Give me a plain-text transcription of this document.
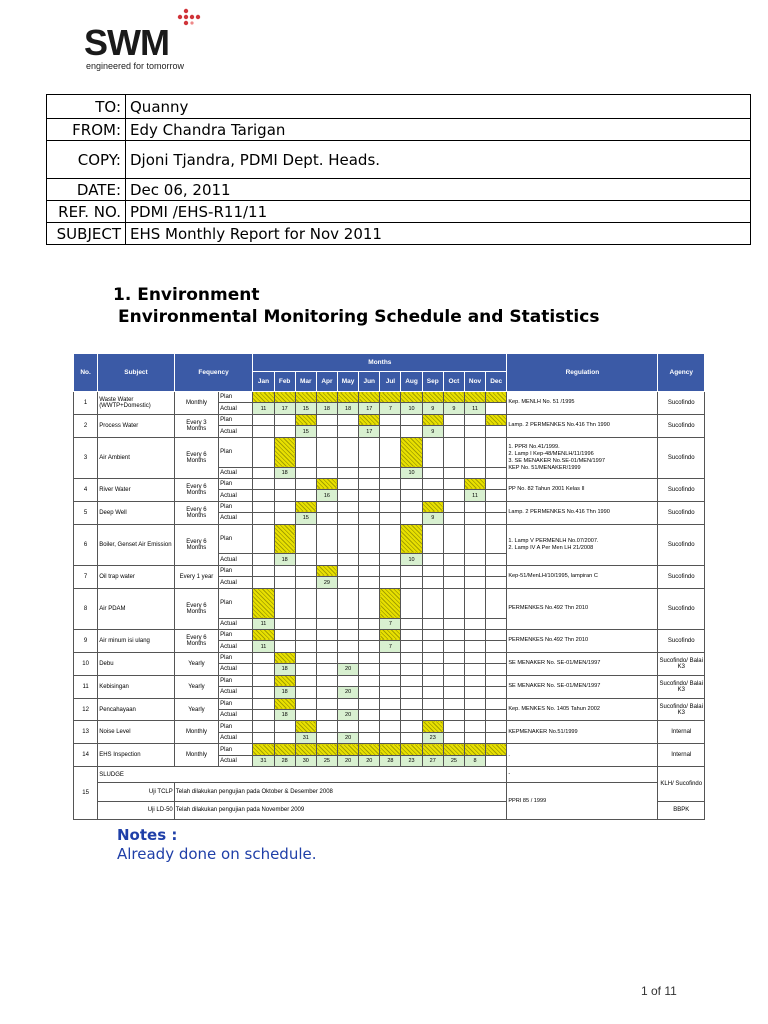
SWM
engineered for tomorrow
TO:	Quanny
FROM:	Edy Chandra Tarigan
COPY:	Djoni Tjandra, PDMI Dept. Heads.
DATE:	Dec 06, 2011
REF. NO.	PDMI /EHS-R11/11
SUBJECT	EHS Monthly Report for Nov 2011
1. Environment
Environmental Monitoring Schedule and Statistics
No.	Subject	Fequency		Months												Regulation	Agency
				Jan	Feb	Mar	Apr	May	Jun	Jul	Aug	Sep	Oct	Nov	Dec		
1	Waste Water (WWTP+Domestic)	Monthly	Plan													Kep. MENLH No. 51 /1995	Sucofindo
			Actual	11	17	15	18	18	17	7	10	9	9	11			
2	Process Water	Every 3 Months	Plan													Lamp. 2 PERMENKES No.416 Thn 1990	Sucofindo
			Actual			15			17			9					
3	Air Ambient	Every 6 Months	Plan													1. PPRI No.41/1999.
2. Lamp I Kep-48/MENLH/11/1996
3. SE MENAKER No.SE-01/MEN/1997
KEP No. 51/MENAKER/1999	Sucofindo
			Actual		18						10						
4	River Water	Every 6 Months	Plan													PP No. 82 Tahun 2001 Kelas II	Sucofindo
			Actual				16							11			
5	Deep Well	Every 6 Months	Plan													Lamp. 2 PERMENKES No.416 Thn 1990	Sucofindo
			Actual			15						9					
6	Boiler, Genset Air Emission	Every 6 Months	Plan													1. Lamp V PERMENLH No.07/2007.
2. Lamp IV A Per Men LH 21/2008	Sucofindo
			Actual		18						10						
7	Oil trap water	Every 1 year	Plan													Kep-51/MenLH/10/1995, lampiran C	Sucofindo
			Actual				29										
8	Air PDAM	Every 6 Months	Plan													PERMENKES No.492 Thn 2010	Sucofindo
			Actual	11						7							
9	Air minum isi ulang	Every 6 Months	Plan													PERMENKES No.492 Thn 2010	Sucofindo
			Actual	11						7							
10	Debu	Yearly	Plan													SE MENAKER No. SE-01/MEN/1997	Sucofindo/ Balai K3
			Actual		18			20									
11	Kebisingan	Yearly	Plan													SE MENAKER No. SE-01/MEN/1997	Sucofindo/ Balai K3
			Actual		18			20									
12	Pencahayaan	Yearly	Plan													Kep. MENKES No. 1405 Tahun 2002	Sucofindo/ Balai K3
			Actual		18			20									
13	Noise Level	Monthly	Plan													KEPMENAKER No.51/1999	Internal
			Actual			31		20				23					
14	EHS Inspection	Monthly	Plan													.	Internal
			Actual	31	28	30	25	20	20	28	23	27	25	8			
15	SLUDGE															-	KLH/ Sucofindo
	Uji TCLP	Telah dilakukan pengujian pada Oktober & Desember 2008														PPRI 85 / 1999	
	Uji LD-50	Telah dilakukan pengujian pada November 2009															BBPK
Notes :
Already done on schedule.
1 of 11
